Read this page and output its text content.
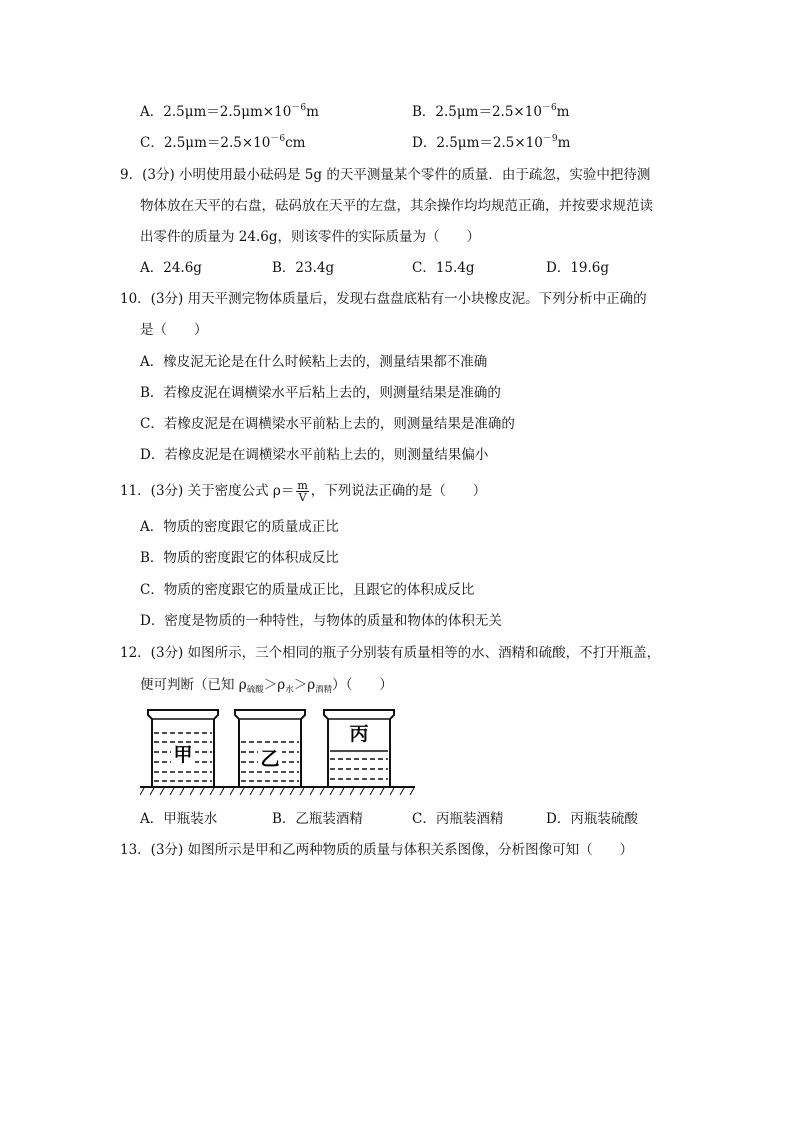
A．$2.5\mu m=2.5\mu m\times 10^{-6}m$	B．$2.5\mu m=2.5\times 10^{-6}m$
C．$2.5\mu m=2.5\times 10^{-6}cm$	D．$2.5\mu m=2.5\times 10^{-9}m$
9．(3分) 小明使用最小砝码是 5g 的天平测量某个零件的质量．由于疏忽，实验中把待测
物体放在天平的右盘，砝码放在天平的左盘，其余操作均均规范正确，并按要求规范读
出零件的质量为 24.6g，则该零件的实际质量为（　　）
A．24.6g	B．23.4g	C．15.4g	D．19.6g
10．(3分) 用天平测完物体质量后，发现右盘盘底粘有一小块橡皮泥。下列分析中正确的
是（　　）
A．橡皮泥无论是在什么时候粘上去的，测量结果都不准确
B．若橡皮泥在调横梁水平后粘上去的，则测量结果是准确的
C．若橡皮泥是在调横梁水平前粘上去的，则测量结果是准确的
D．若橡皮泥是在调横梁水平前粘上去的，则测量结果偏小
11．(3分) 关于密度公式 $\rho= \frac{m}{V}$ ，下列说法正确的是（　　）
A．物质的密度跟它的质量成正比
B．物质的密度跟它的体积成反比
C．物质的密度跟它的质量成正比，且跟它的体积成反比
D．密度是物质的一种特性，与物体的质量和物体的体积无关
12．(3分) 如图所示，三个相同的瓶子分别装有质量相等的水、酒精和硫酸，不打开瓶盖，
便可判断（已知 $\rho_{硫酸}>\rho_水>\rho_{酒精}$）（　　）
甲	乙
丙
A．甲瓶装水	B．乙瓶装酒精	C．丙瓶装酒精	D．丙瓶装硫酸
13．(3分) 如图所示是甲和乙两种物质的质量与体积关系图像，分析图像可知（　　）
